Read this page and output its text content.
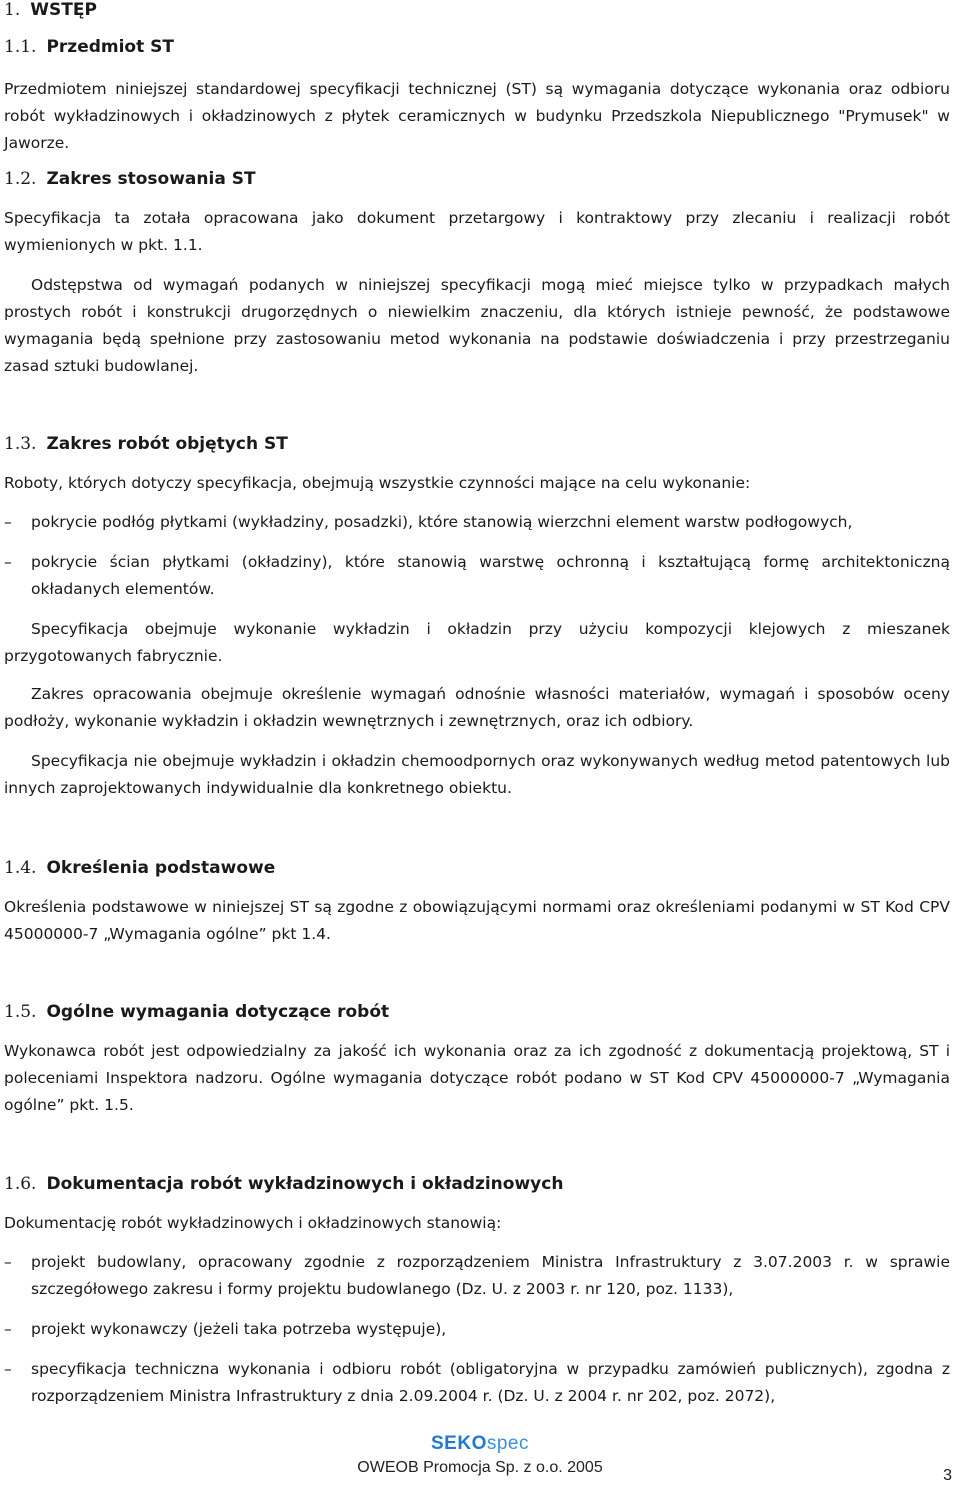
1. WSTĘP
1.1. Przedmiot ST

Przedmiotem niniejszej standardowej specyfikacji technicznej (ST) są wymagania dotyczące wykonania oraz odbioru robót wykładzinowych i okładzinowych z płytek ceramicznych w budynku Przedszkola Niepublicznego "Prymusek" w Jaworze.

1.2. Zakres stosowania ST

Specyfikacja ta zotała opracowana jako dokument przetargowy i kontraktowy przy zlecaniu i realizacji robót wymienionych w pkt. 1.1.

Odstępstwa od wymagań podanych w niniejszej specyfikacji mogą mieć miejsce tylko w przypadkach małych prostych robót i konstrukcji drugorzędnych o niewielkim znaczeniu, dla których istnieje pewność, że podstawowe wymagania będą spełnione przy zastosowaniu metod wykonania na podstawie doświadczenia i przy przestrzeganiu zasad sztuki budowlanej.

1.3. Zakres robót objętych ST

Roboty, których dotyczy specyfikacja, obejmują wszystkie czynności mające na celu wykonanie:

– pokrycie podłóg płytkami (wykładziny, posadzki), które stanowią wierzchni element warstw podłogowych,
– pokrycie ścian płytkami (okładziny), które stanowią warstwę ochronną i kształtującą formę architektoniczną okładanych elementów.

Specyfikacja obejmuje wykonanie wykładzin i okładzin przy użyciu kompozycji klejowych z mieszanek przygotowanych fabrycznie.

Zakres opracowania obejmuje określenie wymagań odnośnie własności materiałów, wymagań i sposobów oceny podłoży, wykonanie wykładzin i okładzin wewnętrznych i zewnętrznych, oraz ich odbiory.

Specyfikacja nie obejmuje wykładzin i okładzin chemoodpornych oraz wykonywanych według metod patentowych lub innych zaprojektowanych indywidualnie dla konkretnego obiektu.

1.4. Określenia podstawowe

Określenia podstawowe w niniejszej ST są zgodne z obowiązującymi normami oraz określeniami podanymi w ST Kod CPV 45000000-7 „Wymagania ogólne” pkt 1.4.

1.5. Ogólne wymagania dotyczące robót

Wykonawca robót jest odpowiedzialny za jakość ich wykonania oraz za ich zgodność z dokumentacją projektową, ST i poleceniami Inspektora nadzoru. Ogólne wymagania dotyczące robót podano w ST Kod CPV 45000000-7 „Wymagania ogólne” pkt. 1.5.

1.6. Dokumentacja robót wykładzinowych i okładzinowych

Dokumentację robót wykładzinowych i okładzinowych stanowią:

– projekt budowlany, opracowany zgodnie z rozporządzeniem Ministra Infrastruktury z 3.07.2003 r. w sprawie szczegółowego zakresu i formy projektu budowlanego (Dz. U. z 2003 r. nr 120, poz. 1133),
– projekt wykonawczy (jeżeli taka potrzeba występuje),
– specyfikacja techniczna wykonania i odbioru robót (obligatoryjna w przypadku zamówień publicznych), zgodna z rozporządzeniem Ministra Infrastruktury z dnia 2.09.2004 r. (Dz. U. z 2004 r. nr 202, poz. 2072),
SEKOspec
OWEOB Promocja Sp. z o.o. 2005	3
